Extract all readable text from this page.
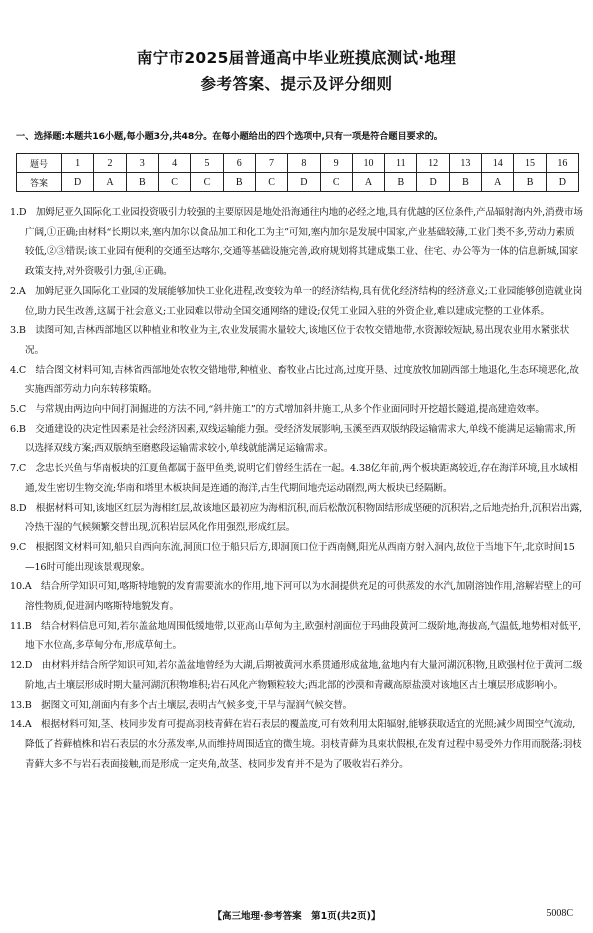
南宁市2025届普通高中毕业班摸底测试·地理
参考答案、提示及评分细则
一、选择题:本题共16小题,每小题3分,共48分。在每小题给出的四个选项中,只有一项是符合题目要求的。
题号	1	2	3	4	5	6	7	8	9	10	11	12	13	14	15	16
答案	D	A	B	C	C	B	C	D	C	A	B	D	B	A	B	D

1.D　加姆尼亚久国际化工业园投资吸引力较强的主要原因是地处沿海通往内地的必经之地,具有优越的区位条件,产品辐射海内外,消费市场广阔,①正确;由材料“长期以来,塞内加尔以食品加工和化工为主”可知,塞内加尔是发展中国家,产业基础较薄,工业门类不多,劳动力素质较低,②③错误;该工业园有便利的交通至达喀尔,交通等基础设施完善,政府规划将其建成集工业、住宅、办公等为一体的信息新城,国家政策支持,对外资吸引力强,④正确。

2.A　加姆尼亚久国际化工业园的发展能够加快工业化进程,改变较为单一的经济结构,具有优化经济结构的经济意义;工业园能够创造就业岗位,助力民生改善,这属于社会意义;工业园难以带动全国交通网络的建设;仅凭工业园入驻的外资企业,难以建成完整的工业体系。

3.B　读图可知,吉林西部地区以种植业和牧业为主,农业发展需水量较大,该地区位于农牧交错地带,水资源较短缺,易出现农业用水紧张状况。

4.C　结合图文材料可知,吉林省西部地处农牧交错地带,种植业、畜牧业占比过高,过度开垦、过度放牧加剧西部土地退化,生态环境恶化,故实施西部劳动力向东转移策略。

5.C　与常规由两边向中间打洞掘进的方法不同,“斜井施工”的方式增加斜井施工,从多个作业面同时开挖超长隧道,提高建造效率。

6.B　交通建设的决定性因素是社会经济因素,双线运输能力强。受经济发展影响,玉溪至西双版纳段运输需求大,单线不能满足运输需求,所以选择双线方案;西双版纳至磨憨段运输需求较小,单线就能满足运输需求。

7.C　念忠长兴鱼与华南板块的江夏鱼都属于盔甲鱼类,说明它们曾经生活在一起。4.38亿年前,两个板块距离较近,存在海洋环境,且水域相通,发生密切生物交流;华南和塔里木板块间是连通的海洋,古生代期间地壳运动剧烈,两大板块已经隔断。

8.D　根据材料可知,该地区红层为海相红层,故该地区最初应为海相沉积,而后松散沉积物固结形成坚硬的沉积岩,之后地壳抬升,沉积岩出露,冷热干湿的气候频繁交替出现,沉积岩层风化作用强烈,形成红层。

9.C　根据图文材料可知,船只自西向东流,洞顶口位于船只后方,即洞顶口位于西南侧,阳光从西南方射入洞内,故位于当地下午,北京时间15—16时可能出现该景观现象。

10.A　结合所学知识可知,喀斯特地貌的发育需要流水的作用,地下河可以为水洞提供充足的可供蒸发的水汽,加剧溶蚀作用,溶解岩壁上的可溶性物质,促进洞内喀斯特地貌发育。

11.B　结合材料信息可知,若尔盖盆地周围低缓地带,以亚高山草甸为主,欧强村剖面位于玛曲段黄河二级阶地,海拔高,气温低,地势相对低平,地下水位高,多草甸分布,形成草甸土。

12.D　由材料并结合所学知识可知,若尔盖盆地曾经为大湖,后期被黄河水系贯通形成盆地,盆地内有大量河湖沉积物,且欧强村位于黄河二级阶地,古土壤层形成时期大量河湖沉积物堆积;岩石风化产物颗粒较大;西北部的沙漠和青藏高原盐漠对该地区古土壤层形成影响小。

13.B　据图文可知,剖面内有多个古土壤层,表明古气候多变,干旱与湿润气候交替。

14.A　根据材料可知,茎、枝同步发育可提高羽枝青藓在岩石表层的覆盖度,可有效利用太阳辐射,能够获取适宜的光照;减少周围空气流动,降低了苔藓植株和岩石表层的水分蒸发率,从而维持周围适宜的微生境。羽枝青藓为具束状假根,在发育过程中易受外力作用而脱落;羽枝青藓大多不与岩石表面接触,而是形成一定夹角,故茎、枝同步发育并不是为了吸收岩石养分。

【高三地理·参考答案　第1页(共2页)】	5008C
